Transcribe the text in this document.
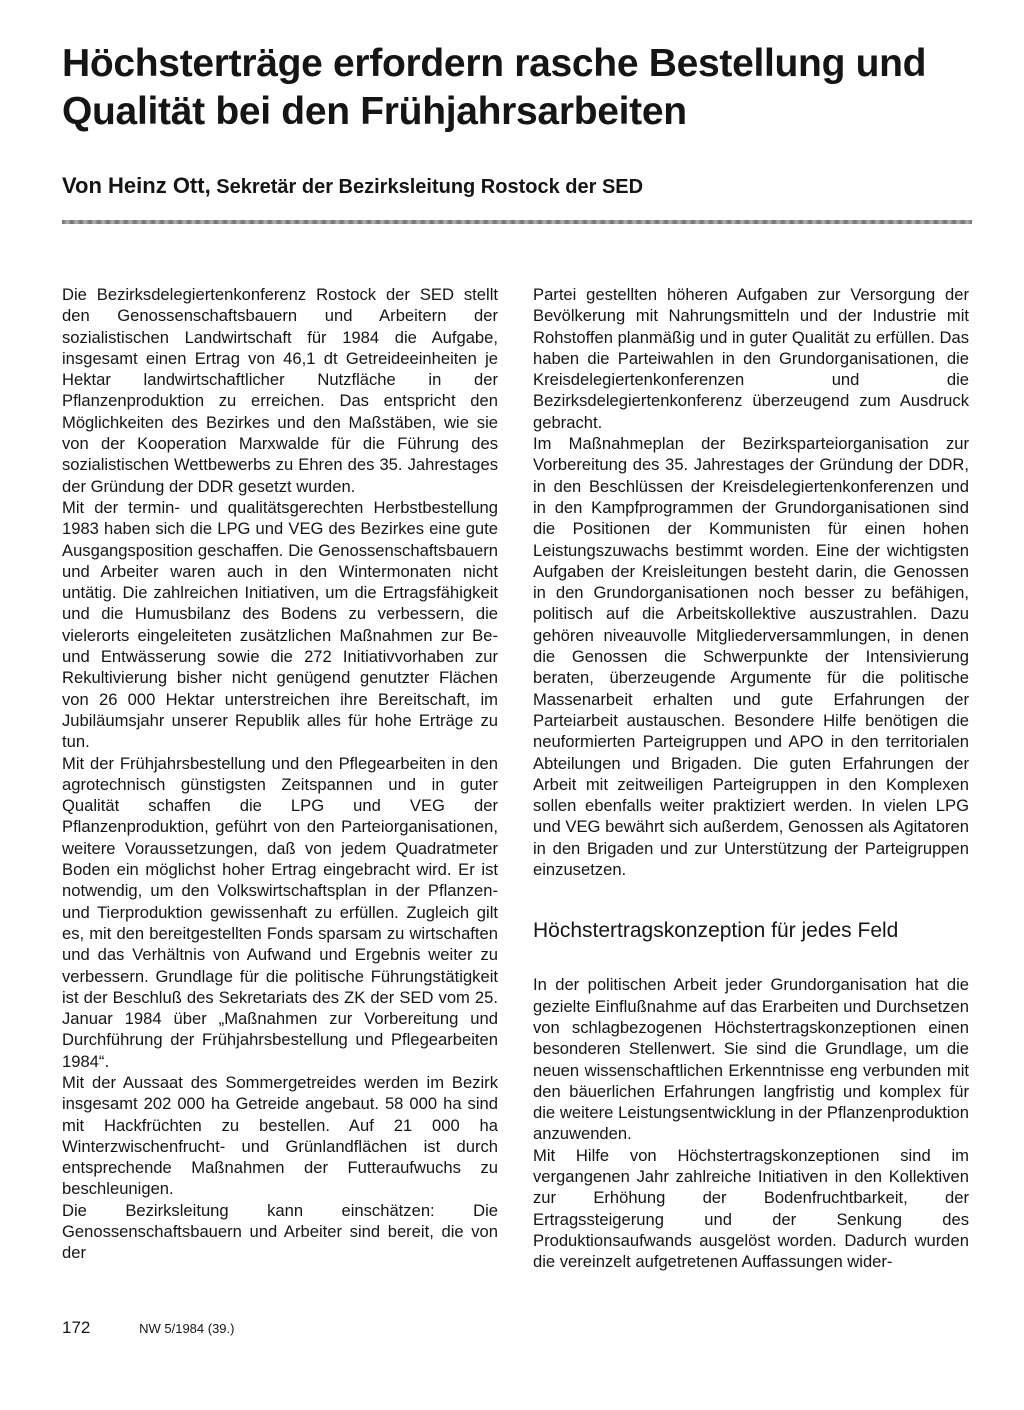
Höchsterträge erfordern rasche Bestellung und Qualität bei den Frühjahrsarbeiten
Von Heinz Ott, Sekretär der Bezirksleitung Rostock der SED

Die Bezirksdelegiertenkonferenz Rostock der SED stellt den Genossenschaftsbauern und Arbeitern der sozialistischen Landwirtschaft für 1984 die Aufgabe, insgesamt einen Ertrag von 46,1 dt Getreideeinheiten je Hektar landwirtschaftlicher Nutzfläche in der Pflanzenproduktion zu erreichen. Das entspricht den Möglichkeiten des Bezirkes und den Maßstäben, wie sie von der Kooperation Marxwalde für die Führung des sozialistischen Wettbewerbs zu Ehren des 35. Jahrestages der Gründung der DDR gesetzt wurden.

Mit der termin- und qualitätsgerechten Herbstbestellung 1983 haben sich die LPG und VEG des Bezirkes eine gute Ausgangsposition geschaffen. Die Genossenschaftsbauern und Arbeiter waren auch in den Wintermonaten nicht untätig. Die zahlreichen Initiativen, um die Ertragsfähigkeit und die Humusbilanz des Bodens zu verbessern, die vielerorts eingeleiteten zusätzlichen Maßnahmen zur Be- und Entwässerung sowie die 272 Initiativvorhaben zur Rekultivierung bisher nicht genügend genutzter Flächen von 26 000 Hektar unterstreichen ihre Bereitschaft, im Jubiläumsjahr unserer Republik alles für hohe Erträge zu tun.

Mit der Frühjahrsbestellung und den Pflegearbeiten in den agrotechnisch günstigsten Zeitspannen und in guter Qualität schaffen die LPG und VEG der Pflanzenproduktion, geführt von den Parteiorganisationen, weitere Voraussetzungen, daß von jedem Quadratmeter Boden ein möglichst hoher Ertrag eingebracht wird. Er ist notwendig, um den Volkswirtschaftsplan in der Pflanzen- und Tierproduktion gewissenhaft zu erfüllen. Zugleich gilt es, mit den bereitgestellten Fonds sparsam zu wirtschaften und das Verhältnis von Aufwand und Ergebnis weiter zu verbessern. Grundlage für die politische Führungstätigkeit ist der Beschluß des Sekretariats des ZK der SED vom 25. Januar 1984 über „Maßnahmen zur Vorbereitung und Durchführung der Frühjahrsbestellung und Pflegearbeiten 1984“.

Mit der Aussaat des Sommergetreides werden im Bezirk insgesamt 202 000 ha Getreide angebaut. 58 000 ha sind mit Hackfrüchten zu bestellen. Auf 21 000 ha Winterzwischenfrucht- und Grünlandflächen ist durch entsprechende Maßnahmen der Futteraufwuchs zu beschleunigen.

Die Bezirksleitung kann einschätzen: Die Genossenschaftsbauern und Arbeiter sind bereit, die von der

Partei gestellten höheren Aufgaben zur Versorgung der Bevölkerung mit Nahrungsmitteln und der Industrie mit Rohstoffen planmäßig und in guter Qualität zu erfüllen. Das haben die Parteiwahlen in den Grundorganisationen, die Kreisdelegiertenkonferenzen und die Bezirksdelegiertenkonferenz überzeugend zum Ausdruck gebracht.

Im Maßnahmeplan der Bezirksparteiorganisation zur Vorbereitung des 35. Jahrestages der Gründung der DDR, in den Beschlüssen der Kreisdelegiertenkonferenzen und in den Kampfprogrammen der Grundorganisationen sind die Positionen der Kommunisten für einen hohen Leistungszuwachs bestimmt worden. Eine der wichtigsten Aufgaben der Kreisleitungen besteht darin, die Genossen in den Grundorganisationen noch besser zu befähigen, politisch auf die Arbeitskollektive auszustrahlen. Dazu gehören niveauvolle Mitgliederversammlungen, in denen die Genossen die Schwerpunkte der Intensivierung beraten, überzeugende Argumente für die politische Massenarbeit erhalten und gute Erfahrungen der Parteiarbeit austauschen. Besondere Hilfe benötigen die neuformierten Parteigruppen und APO in den territorialen Abteilungen und Brigaden. Die guten Erfahrungen der Arbeit mit zeitweiligen Parteigruppen in den Komplexen sollen ebenfalls weiter praktiziert werden. In vielen LPG und VEG bewährt sich außerdem, Genossen als Agitatoren in den Brigaden und zur Unterstützung der Parteigruppen einzusetzen.

Höchstertragskonzeption für jedes Feld

In der politischen Arbeit jeder Grundorganisation hat die gezielte Einflußnahme auf das Erarbeiten und Durchsetzen von schlagbezogenen Höchstertragskonzeptionen einen besonderen Stellenwert. Sie sind die Grundlage, um die neuen wissenschaftlichen Erkenntnisse eng verbunden mit den bäuerlichen Erfahrungen langfristig und komplex für die weitere Leistungsentwicklung in der Pflanzenproduktion anzuwenden.

Mit Hilfe von Höchstertragskonzeptionen sind im vergangenen Jahr zahlreiche Initiativen in den Kollektiven zur Erhöhung der Bodenfruchtbarkeit, der Ertragssteigerung und der Senkung des Produktionsaufwands ausgelöst worden. Dadurch wurden die vereinzelt aufgetretenen Auffassungen wider-

172	NW 5/1984 (39.)
